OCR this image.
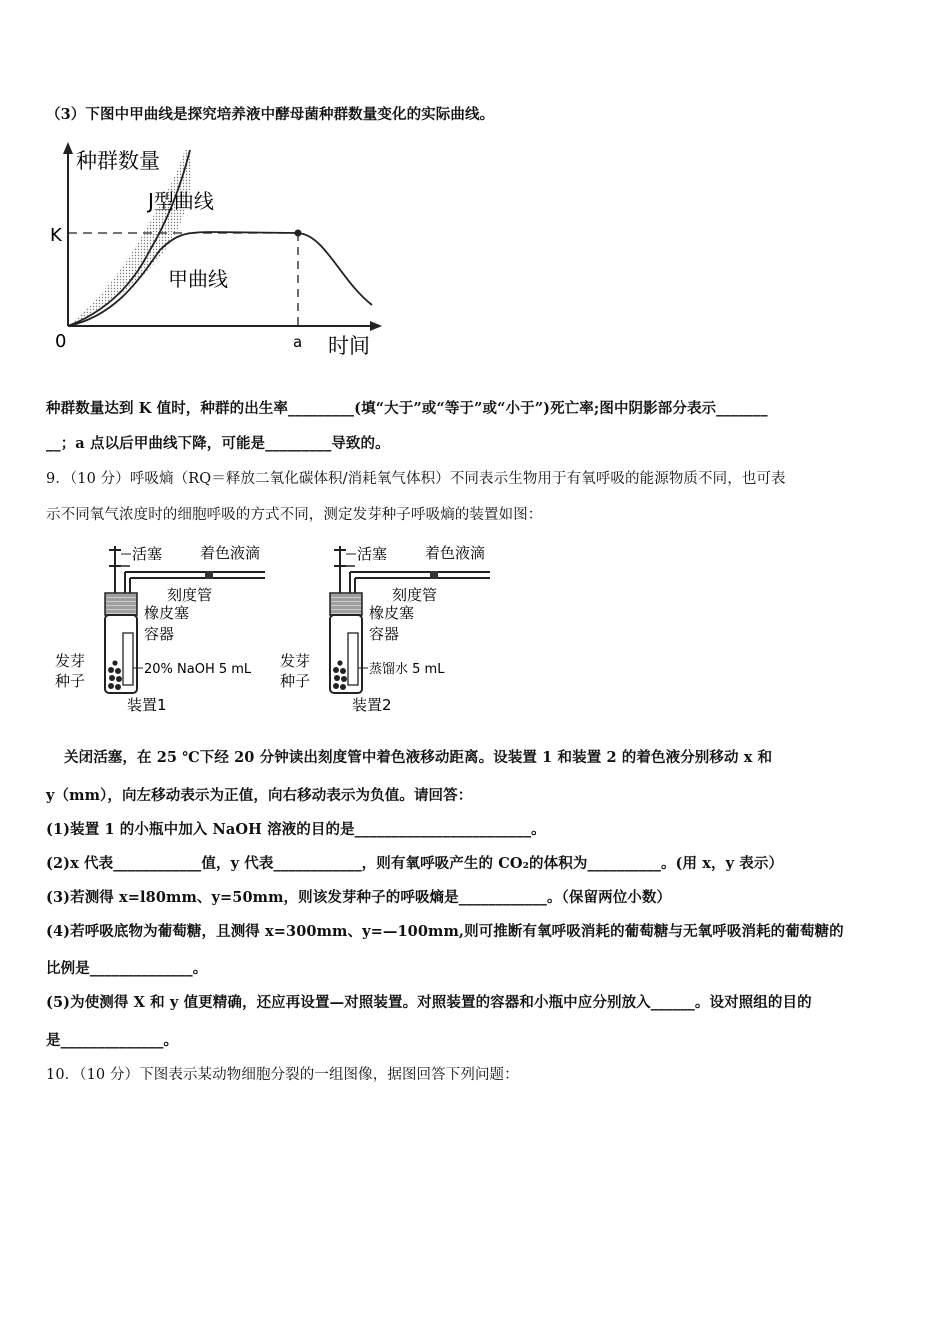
（3）下图中甲曲线是探究培养液中酵母菌种群数量变化的实际曲线。
种群数量
J型曲线
甲曲线
K
0	a 时间
种群数量达到 K 值时，种群的出生率_________(填“大于”或“等于”或“小于”)死亡率;图中阴影部分表示_______
__；a 点以后甲曲线下降，可能是_________导致的。
9．（10 分）呼吸熵（RQ＝释放二氧化碳体积/消耗氧气体积）不同表示生物用于有氧呼吸的能源物质不同，也可表
示不同氧气浓度时的细胞呼吸的方式不同，测定发芽种子呼吸熵的装置如图：
活塞	着色液滴
刻度管
橡皮塞
容器
20% NaOH 5 mL
发芽
种子
装置1
活塞	着色液滴
刻度管
橡皮塞
容器
蒸馏水 5 mL
发芽
种子
装置2
关闭活塞，在 25 ℃下经 20 分钟读出刻度管中着色液移动距离。设装置 1 和装置 2 的着色液分别移动 x 和
y（mm），向左移动表示为正值，向右移动表示为负值。请回答：
(1)装置 1 的小瓶中加入 NaOH 溶液的目的是________________________。
(2)x 代表____________值，y 代表____________，则有氧呼吸产生的 CO₂的体积为__________。(用 x，y 表示）
(3)若测得 x=l80mm、y=50mm，则该发芽种子的呼吸熵是____________。（保留两位小数）
(4)若呼吸底物为葡萄糖，且测得 x=300mm、y=—100mm,则可推断有氧呼吸消耗的葡萄糖与无氧呼吸消耗的葡萄糖的
比例是______________。
(5)为使测得 X 和 y 值更精确，还应再设置—对照装置。对照装置的容器和小瓶中应分别放入______。设对照组的目的
是______________。
10．（10 分）下图表示某动物细胞分裂的一组图像，据图回答下列问题：
